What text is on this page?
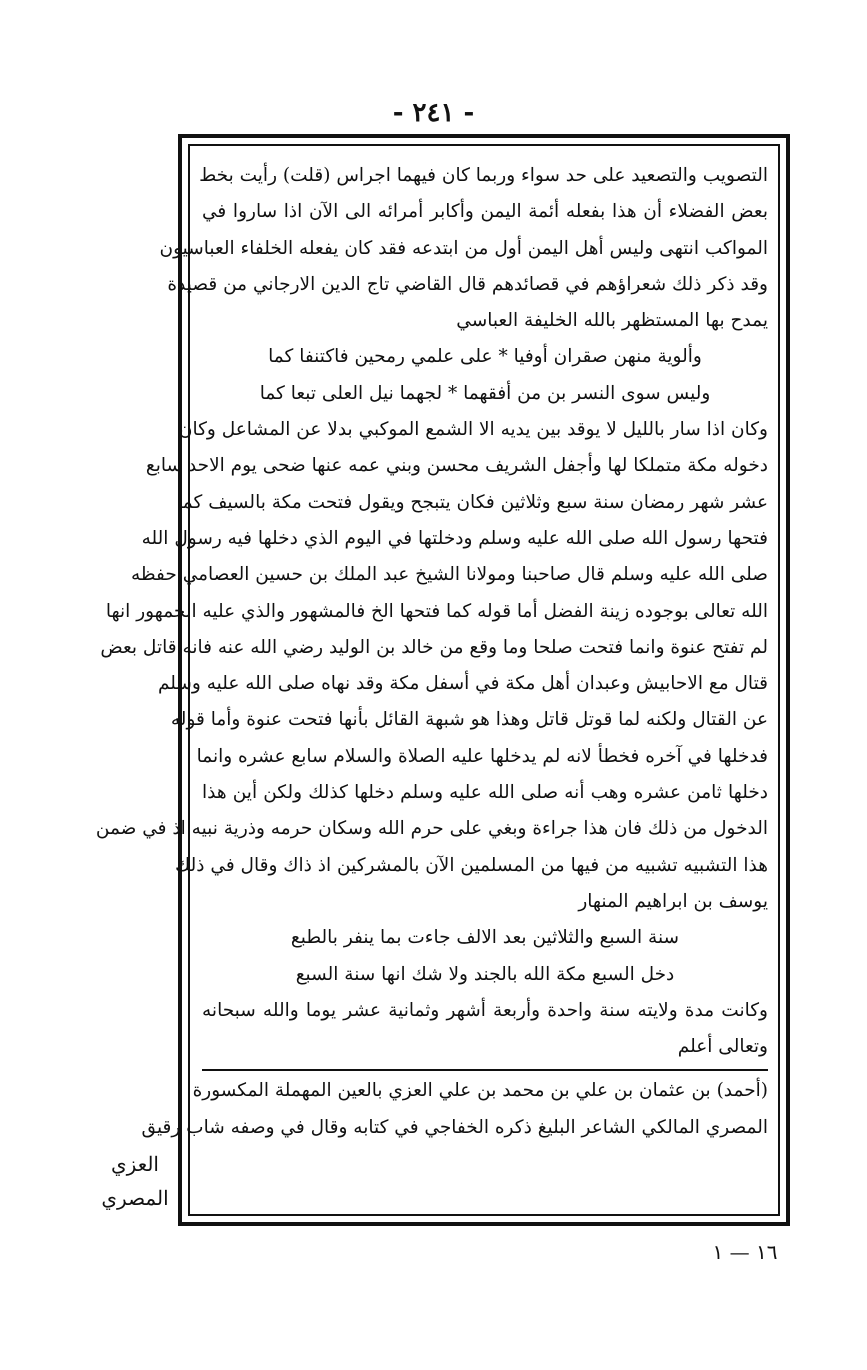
- ٢٤١ -
التصويب والتصعيد على حد سواء وربما كان فيهما اجراس (قلت) رأيت بخط
بعض الفضلاء أن هذا بفعله أئمة اليمن وأكابر أمرائه الى الآن اذا ساروا في
المواكب انتهى وليس أهل اليمن أول من ابتدعه فقد كان يفعله الخلفاء العباسيون
وقد ذكر ذلك شعراؤهم في قصائدهم قال القاضي تاج الدين الارجاني من قصيدة
يمدح بها المستظهر بالله الخليفة العباسي
وألوية منهن صقران أوفيا * على علمي رمحين فاكتنفا كما
وليس سوى النسر بن من أفقهما * لجهما نيل العلى تبعا كما
وكان اذا سار بالليل لا يوقد بين يديه الا الشمع الموكبي بدلا عن المشاعل وكان
دخوله مكة متملكا لها وأجفل الشريف محسن وبني عمه عنها ضحى يوم الاحد سابع
عشر شهر رمضان سنة سبع وثلاثين فكان يتبجح ويقول فتحت مكة بالسيف كما
فتحها رسول الله صلى الله عليه وسلم ودخلتها في اليوم الذي دخلها فيه رسول الله
صلى الله عليه وسلم قال صاحبنا ومولانا الشيخ عبد الملك بن حسين العصامي حفظه
الله تعالى بوجوده زينة الفضل أما قوله كما فتحها الخ فالمشهور والذي عليه الجمهور انها
لم تفتح عنوة وانما فتحت صلحا وما وقع من خالد بن الوليد رضي الله عنه فانه قاتل بعض
قتال مع الاحابيش وعبدان أهل مكة في أسفل مكة وقد نهاه صلى الله عليه وسلم
عن القتال ولكنه لما قوتل قاتل وهذا هو شبهة القائل بأنها فتحت عنوة وأما قوله
فدخلها في آخره فخطأ لانه لم يدخلها عليه الصلاة والسلام سابع عشره وانما
دخلها ثامن عشره وهب أنه صلى الله عليه وسلم دخلها كذلك ولكن أين هذا
الدخول من ذلك فان هذا جراءة وبغي على حرم الله وسكان حرمه وذرية نبيه اذ في ضمن
هذا التشبيه تشبيه من فيها من المسلمين الآن بالمشركين اذ ذاك وقال في ذلك
يوسف بن ابراهيم المنهار
سنة السبع والثلاثين بعد الالف جاءت بما ينفر بالطبع
دخل السبع مكة الله بالجند ولا شك انها سنة السبع
وكانت مدة ولايته سنة واحدة وأربعة أشهر وثمانية عشر يوما والله سبحانه
وتعالى أعلم
(أحمد) بن عثمان بن علي بن محمد بن علي العزي بالعين المهملة المكسورة
المصري المالكي الشاعر البليغ ذكره الخفاجي في كتابه وقال في وصفه شاب رقيق
العزي
المصري
١٦ — ١
